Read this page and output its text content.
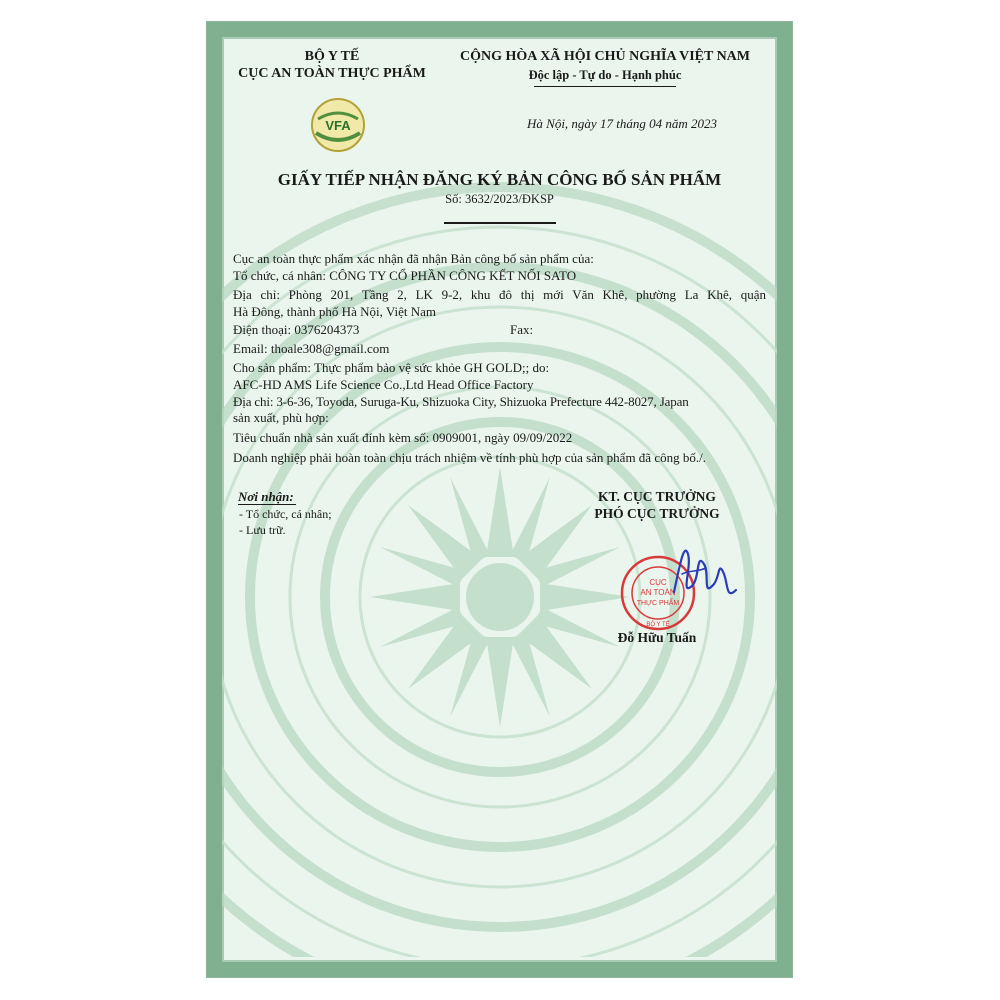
VFA
BỘ Y TẾ
CỤC AN TOÀN THỰC PHẨM
CỘNG HÒA XÃ HỘI CHỦ NGHĨA VIỆT NAM
Độc lập - Tự do - Hạnh phúc
Hà Nội, ngày 17 tháng 04 năm 2023
GIẤY TIẾP NHẬN ĐĂNG KÝ BẢN CÔNG BỐ SẢN PHẨM
Số: 3632/2023/ĐKSP
Cục an toàn thực phẩm xác nhận đã nhận Bản công bố sản phẩm của:
Tổ chức, cá nhân: CÔNG TY CỔ PHẦN CÔNG KẾT NỐI SATO
Địa chỉ: Phòng 201, Tầng 2, LK 9-2, khu đô thị mới Văn Khê, phường La Khê, quận
Hà Đông, thành phố Hà Nội, Việt Nam
Điện thoại: 0376204373	Fax:
Email: thoale308@gmail.com
Cho sản phẩm: Thực phẩm bảo vệ sức khỏe GH GOLD;; do:
AFC-HD AMS Life Science Co.,Ltd Head Office Factory
Địa chỉ: 3-6-36, Toyoda, Suruga-Ku, Shizuoka City, Shizuoka Prefecture 442-8027, Japan
sản xuất, phù hợp:
Tiêu chuẩn nhà sản xuất đính kèm số: 0909001, ngày 09/09/2022
Doanh nghiệp phải hoàn toàn chịu trách nhiệm về tính phù hợp của sản phẩm đã công bố./.
Nơi nhận:
- Tổ chức, cá nhân;
- Lưu trữ.
KT. CỤC TRƯỞNG
PHÓ CỤC TRƯỞNG
CỤC
AN TOÀN
THỰC PHẨM
BỘ Y TẾ
Đỗ Hữu Tuấn
